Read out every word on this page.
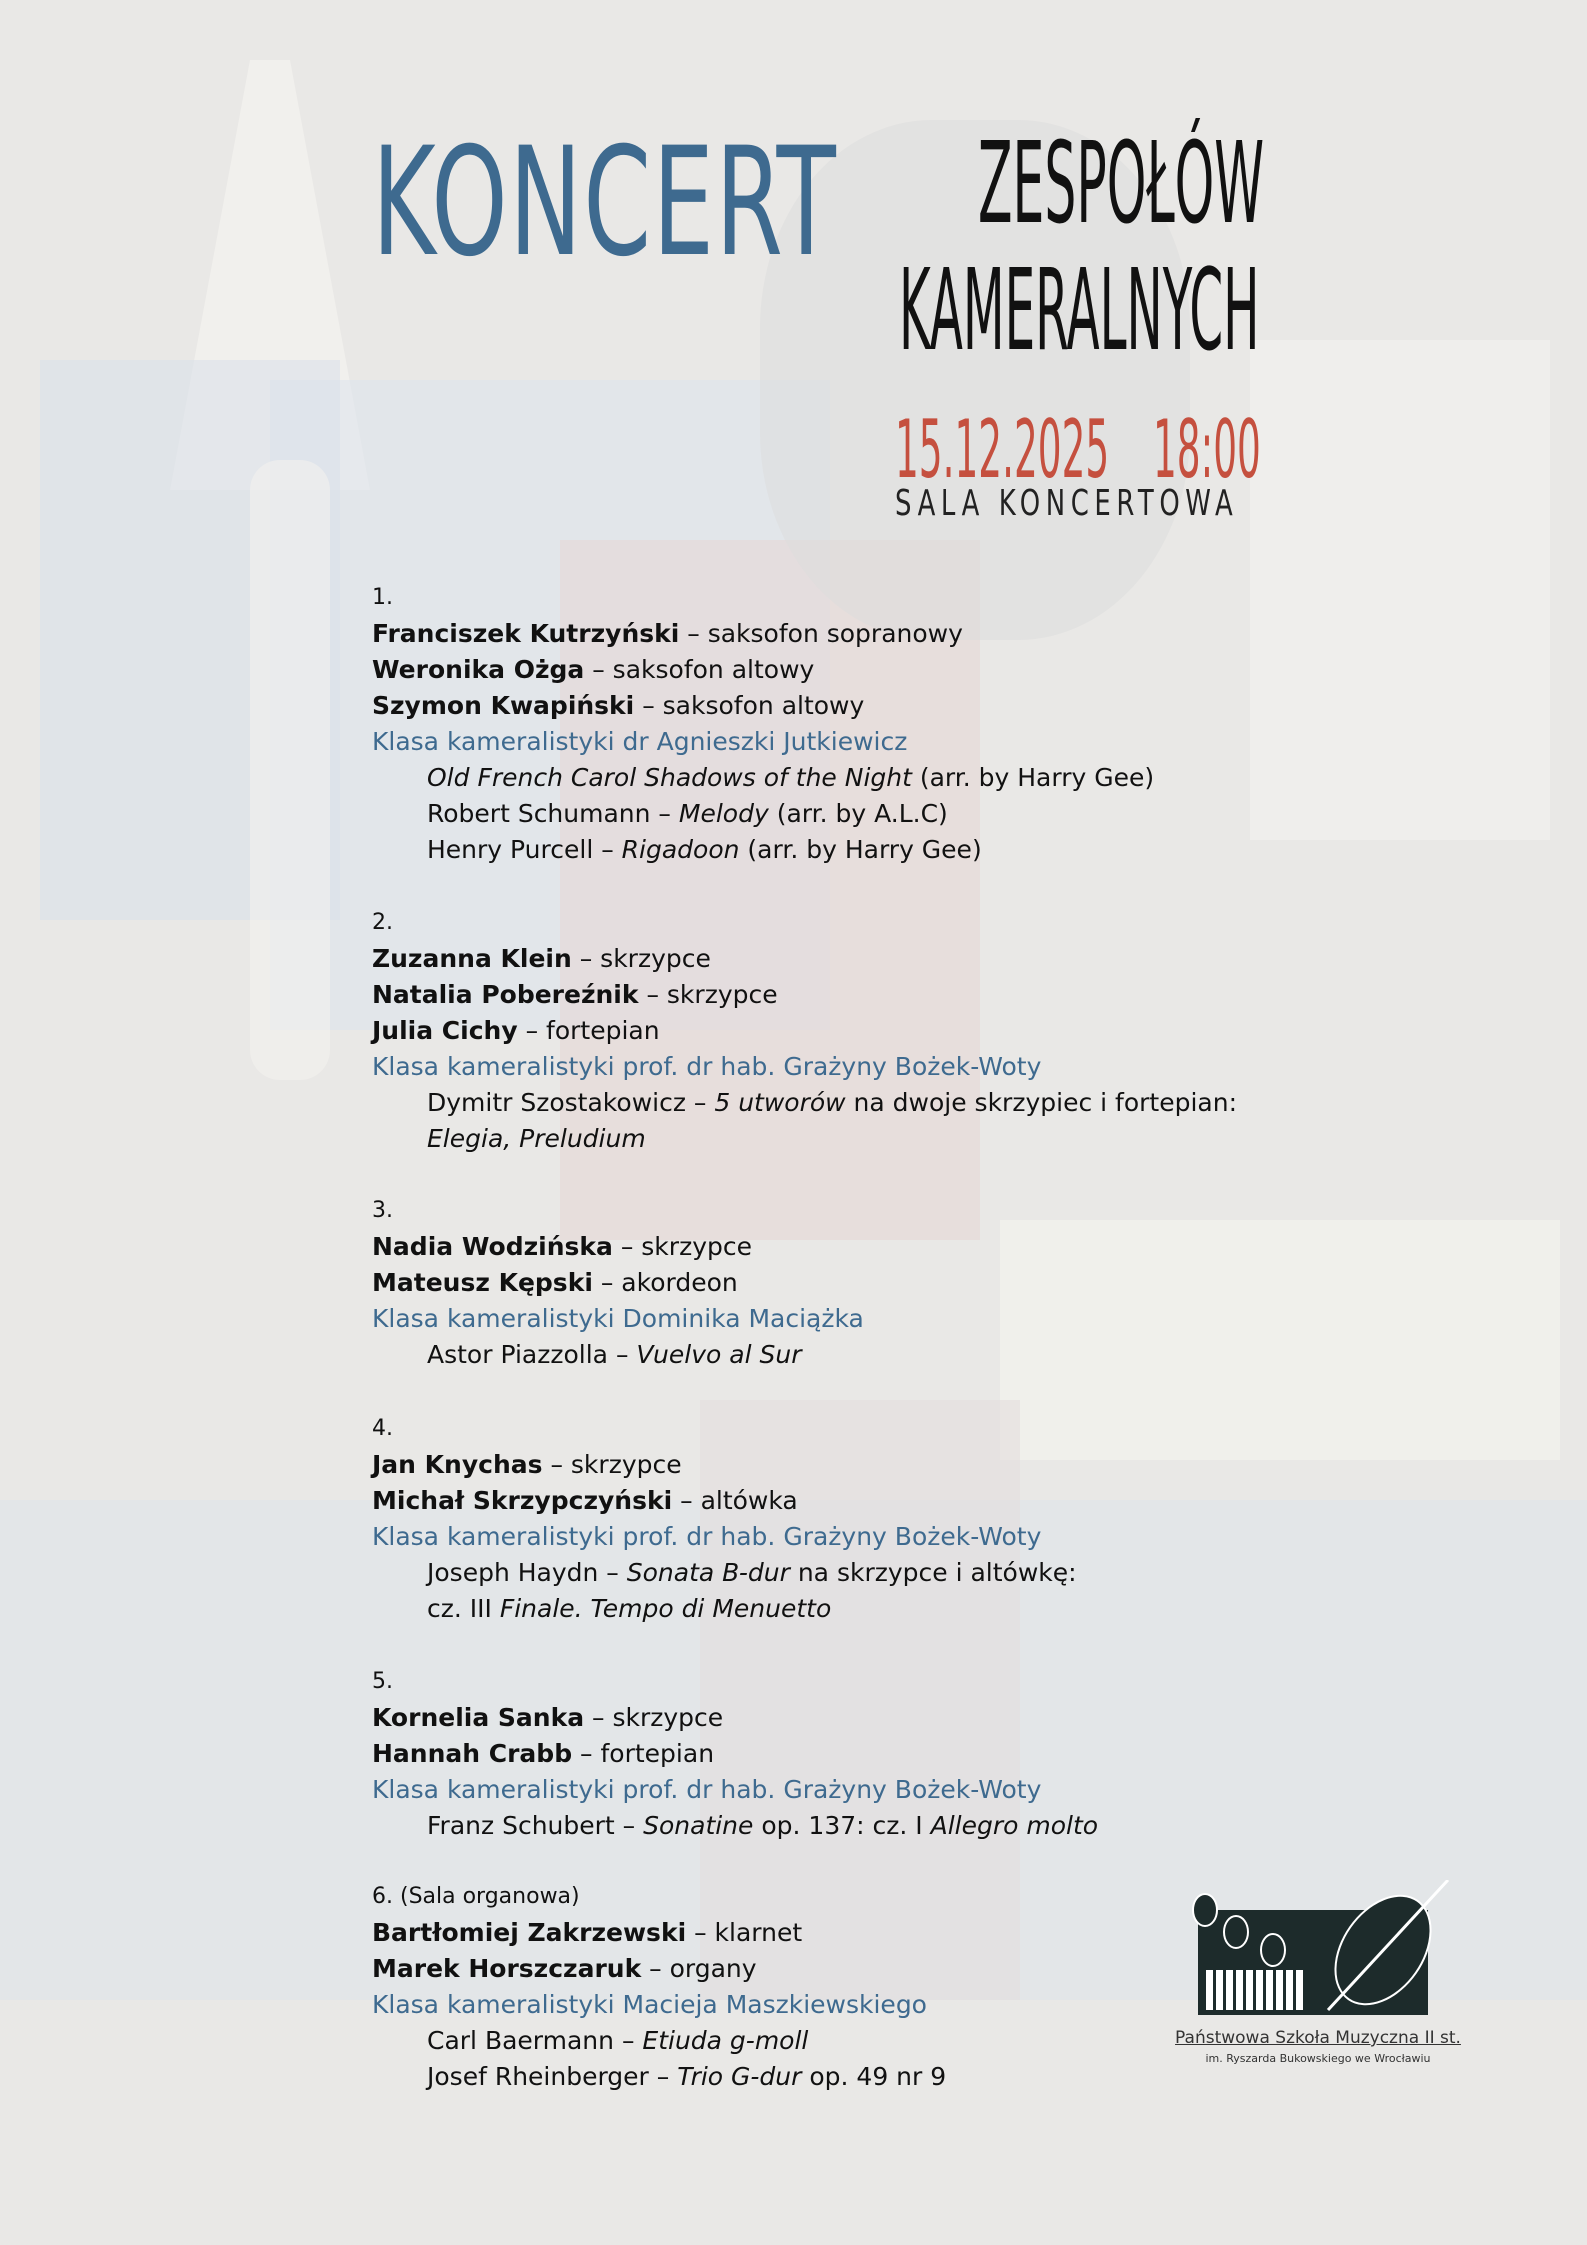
KONCERT ZESPOŁÓW
KAMERALNYCH
15.12.2025 18:00
SALA KONCERTOWA
1.
Franciszek Kutrzyński – saksofon sopranowy
Weronika Ożga – saksofon altowy
Szymon Kwapiński – saksofon altowy
Klasa kameralistyki dr Agnieszki Jutkiewicz
Old French Carol Shadows of the Night (arr. by Harry Gee)
Robert Schumann – Melody (arr. by A.L.C)
Henry Purcell – Rigadoon (arr. by Harry Gee)
2.
Zuzanna Klein – skrzypce
Natalia Pobereźnik – skrzypce
Julia Cichy – fortepian
Klasa kameralistyki prof. dr hab. Grażyny Bożek-Woty
Dymitr Szostakowicz – 5 utworów na dwoje skrzypiec i fortepian:
Elegia, Preludium
3.
Nadia Wodzińska – skrzypce
Mateusz Kępski – akordeon
Klasa kameralistyki Dominika Maciążka
Astor Piazzolla – Vuelvo al Sur
4.
Jan Knychas – skrzypce
Michał Skrzypczyński – altówka
Klasa kameralistyki prof. dr hab. Grażyny Bożek-Woty
Joseph Haydn – Sonata B-dur na skrzypce i altówkę:
cz. III Finale. Tempo di Menuetto
5.
Kornelia Sanka – skrzypce
Hannah Crabb – fortepian
Klasa kameralistyki prof. dr hab. Grażyny Bożek-Woty
Franz Schubert – Sonatine op. 137: cz. I Allegro molto
6. (Sala organowa)
Bartłomiej Zakrzewski – klarnet
Marek Horszczaruk – organy
Klasa kameralistyki Macieja Maszkiewskiego
Carl Baermann – Etiuda g-moll
Josef Rheinberger – Trio G-dur op. 49 nr 9
Państwowa Szkoła Muzyczna II st.
im. Ryszarda Bukowskiego we Wrocławiu
